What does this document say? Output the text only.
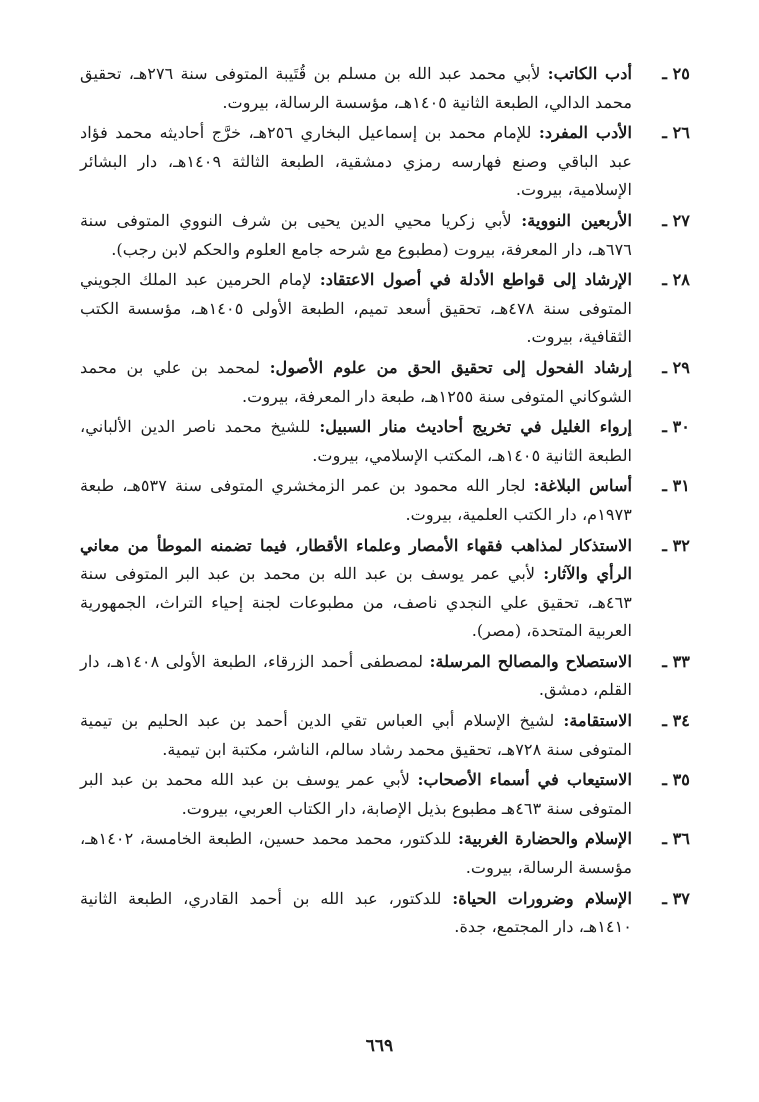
٢٥ ـ
أدب الكاتب: لأبي محمد عبد الله بن مسلم بن قُتَيبة المتوفى سنة ٢٧٦هـ، تحقيق محمد الدالي، الطبعة الثانية ١٤٠٥هـ، مؤسسة الرسالة، بيروت.
٢٦ ـ
الأدب المفرد: للإمام محمد بن إسماعيل البخاري ٢٥٦هـ، خرَّج أحاديثه محمد فؤاد عبد الباقي وصنع فهارسه رمزي دمشقية، الطبعة الثالثة ١٤٠٩هـ، دار البشائر الإسلامية، بيروت.
٢٧ ـ
الأربعين النووية: لأبي زكريا محيي الدين يحيى بن شرف النووي المتوفى سنة ٦٧٦هـ، دار المعرفة، بيروت (مطبوع مع شرحه جامع العلوم والحكم لابن رجب).
٢٨ ـ
الإرشاد إلى قواطع الأدلة في أصول الاعتقاد: لإمام الحرمين عبد الملك الجويني المتوفى سنة ٤٧٨هـ، تحقيق أسعد تميم، الطبعة الأولى ١٤٠٥هـ، مؤسسة الكتب الثقافية، بيروت.
٢٩ ـ
إرشاد الفحول إلى تحقيق الحق من علوم الأصول: لمحمد بن علي بن محمد الشوكاني المتوفى سنة ١٢٥٥هـ، طبعة دار المعرفة، بيروت.
٣٠ ـ
إرواء الغليل في تخريج أحاديث منار السبيل: للشيخ محمد ناصر الدين الألباني، الطبعة الثانية ١٤٠٥هـ، المكتب الإسلامي، بيروت.
٣١ ـ
أساس البلاغة: لجار الله محمود بن عمر الزمخشري المتوفى سنة ٥٣٧هـ، طبعة ١٩٧٣م، دار الكتب العلمية، بيروت.
٣٢ ـ
الاستذكار لمذاهب فقهاء الأمصار وعلماء الأقطار، فيما تضمنه الموطأ من معاني الرأي والآثار: لأبي عمر يوسف بن عبد الله بن محمد بن عبد البر المتوفى سنة ٤٦٣هـ، تحقيق علي النجدي ناصف، من مطبوعات لجنة إحياء التراث، الجمهورية العربية المتحدة، (مصر).
٣٣ ـ
الاستصلاح والمصالح المرسلة: لمصطفى أحمد الزرقاء، الطبعة الأولى ١٤٠٨هـ، دار القلم، دمشق.
٣٤ ـ
الاستقامة: لشيخ الإسلام أبي العباس تقي الدين أحمد بن عبد الحليم بن تيمية المتوفى سنة ٧٢٨هـ، تحقيق محمد رشاد سالم، الناشر، مكتبة ابن تيمية.
٣٥ ـ
الاستيعاب في أسماء الأصحاب: لأبي عمر يوسف بن عبد الله محمد بن عبد البر المتوفى سنة ٤٦٣هـ مطبوع بذيل الإصابة، دار الكتاب العربي، بيروت.
٣٦ ـ
الإسلام والحضارة الغربية: للدكتور، محمد محمد حسين، الطبعة الخامسة، ١٤٠٢هـ، مؤسسة الرسالة، بيروت.
٣٧ ـ
الإسلام وضرورات الحياة: للدكتور، عبد الله بن أحمد القادري، الطبعة الثانية ١٤١٠هـ، دار المجتمع، جدة.
٦٦٩
